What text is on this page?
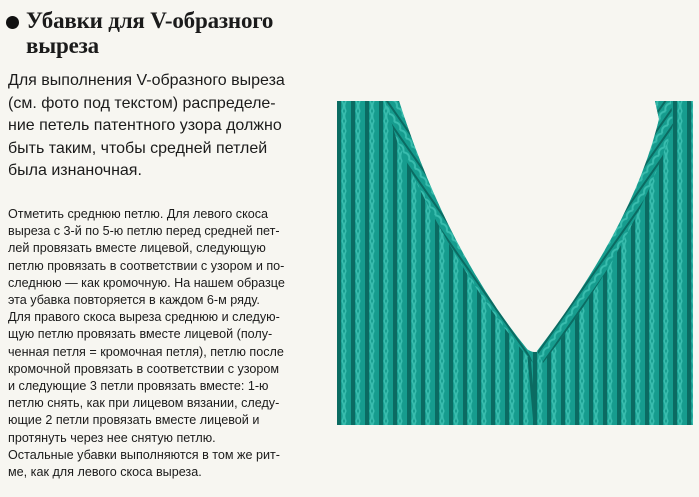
Убавки для V-образного
выреза

Для выполнения V-образного выреза
(см. фото под текстом) распределе-
ние петель патентного узора должно
быть таким, чтобы средней петлей
была изнаночная.

Отметить среднюю петлю. Для левого скоса
выреза с 3-й по 5-ю петлю перед средней пет-
лей провязать вместе лицевой, следующую
петлю провязать в соответствии с узором и по-
следнюю — как кромочную. На нашем образце
эта убавка повторяется в каждом 6-м ряду.
Для правого скоса выреза среднюю и следую-
щую петлю провязать вместе лицевой (полу-
ченная петля = кромочная петля), петлю после
кромочной провязать в соответствии с узором
и следующие 3 петли провязать вместе: 1-ю
петлю снять, как при лицевом вязании, следу-
ющие 2 петли провязать вместе лицевой и
протянуть через нее снятую петлю.
Остальные убавки выполняются в том же рит-
ме, как для левого скоса выреза.
